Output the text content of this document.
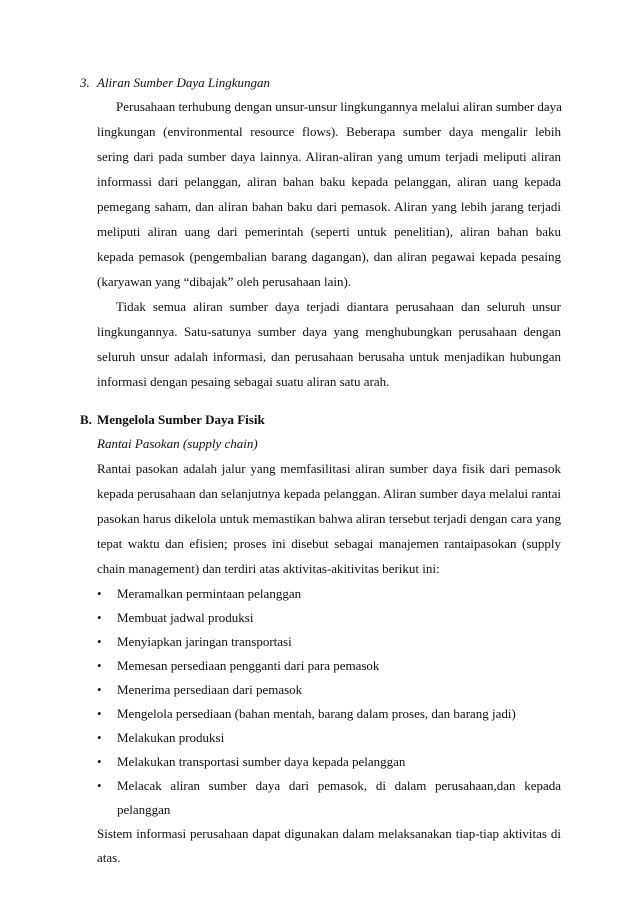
3. Aliran Sumber Daya Lingkungan
Perusahaan terhubung dengan unsur-unsur lingkungannya melalui aliran sumber daya
lingkungan (environmental resource flows). Beberapa sumber daya mengalir lebih
sering dari pada sumber daya lainnya. Aliran-aliran yang umum terjadi meliputi aliran
informassi dari pelanggan, aliran bahan baku kepada pelanggan, aliran uang kepada
pemegang saham, dan aliran bahan baku dari pemasok. Aliran yang lebih jarang terjadi
meliputi aliran uang dari pemerintah (seperti untuk penelitian), aliran bahan baku
kepada pemasok (pengembalian barang dagangan), dan aliran pegawai kepada pesaing
(karyawan yang “dibajak” oleh perusahaan lain).
Tidak semua aliran sumber daya terjadi diantara perusahaan dan seluruh unsur
lingkungannya. Satu-satunya sumber daya yang menghubungkan perusahaan dengan
seluruh unsur adalah informasi, dan perusahaan berusaha untuk menjadikan hubungan
informasi dengan pesaing sebagai suatu aliran satu arah.
B. Mengelola Sumber Daya Fisik
Rantai Pasokan (supply chain)
Rantai pasokan adalah jalur yang memfasilitasi aliran sumber daya fisik dari pemasok
kepada perusahaan dan selanjutnya kepada pelanggan. Aliran sumber daya melalui rantai
pasokan harus dikelola untuk memastikan bahwa aliran tersebut terjadi dengan cara yang
tepat waktu dan efisien; proses ini disebut sebagai manajemen rantaipasokan (supply
chain management) dan terdiri atas aktivitas-akitivitas berikut ini:
• Meramalkan permintaan pelanggan
• Membuat jadwal produksi
• Menyiapkan jaringan transportasi
• Memesan persediaan pengganti dari para pemasok
• Menerima persediaan dari pemasok
• Mengelola persediaan (bahan mentah, barang dalam proses, dan barang jadi)
• Melakukan produksi
• Melakukan transportasi sumber daya kepada pelanggan
• Melacak aliran sumber daya dari pemasok, di dalam perusahaan,dan kepada
pelanggan
Sistem informasi perusahaan dapat digunakan dalam melaksanakan tiap-tiap aktivitas di
atas.
